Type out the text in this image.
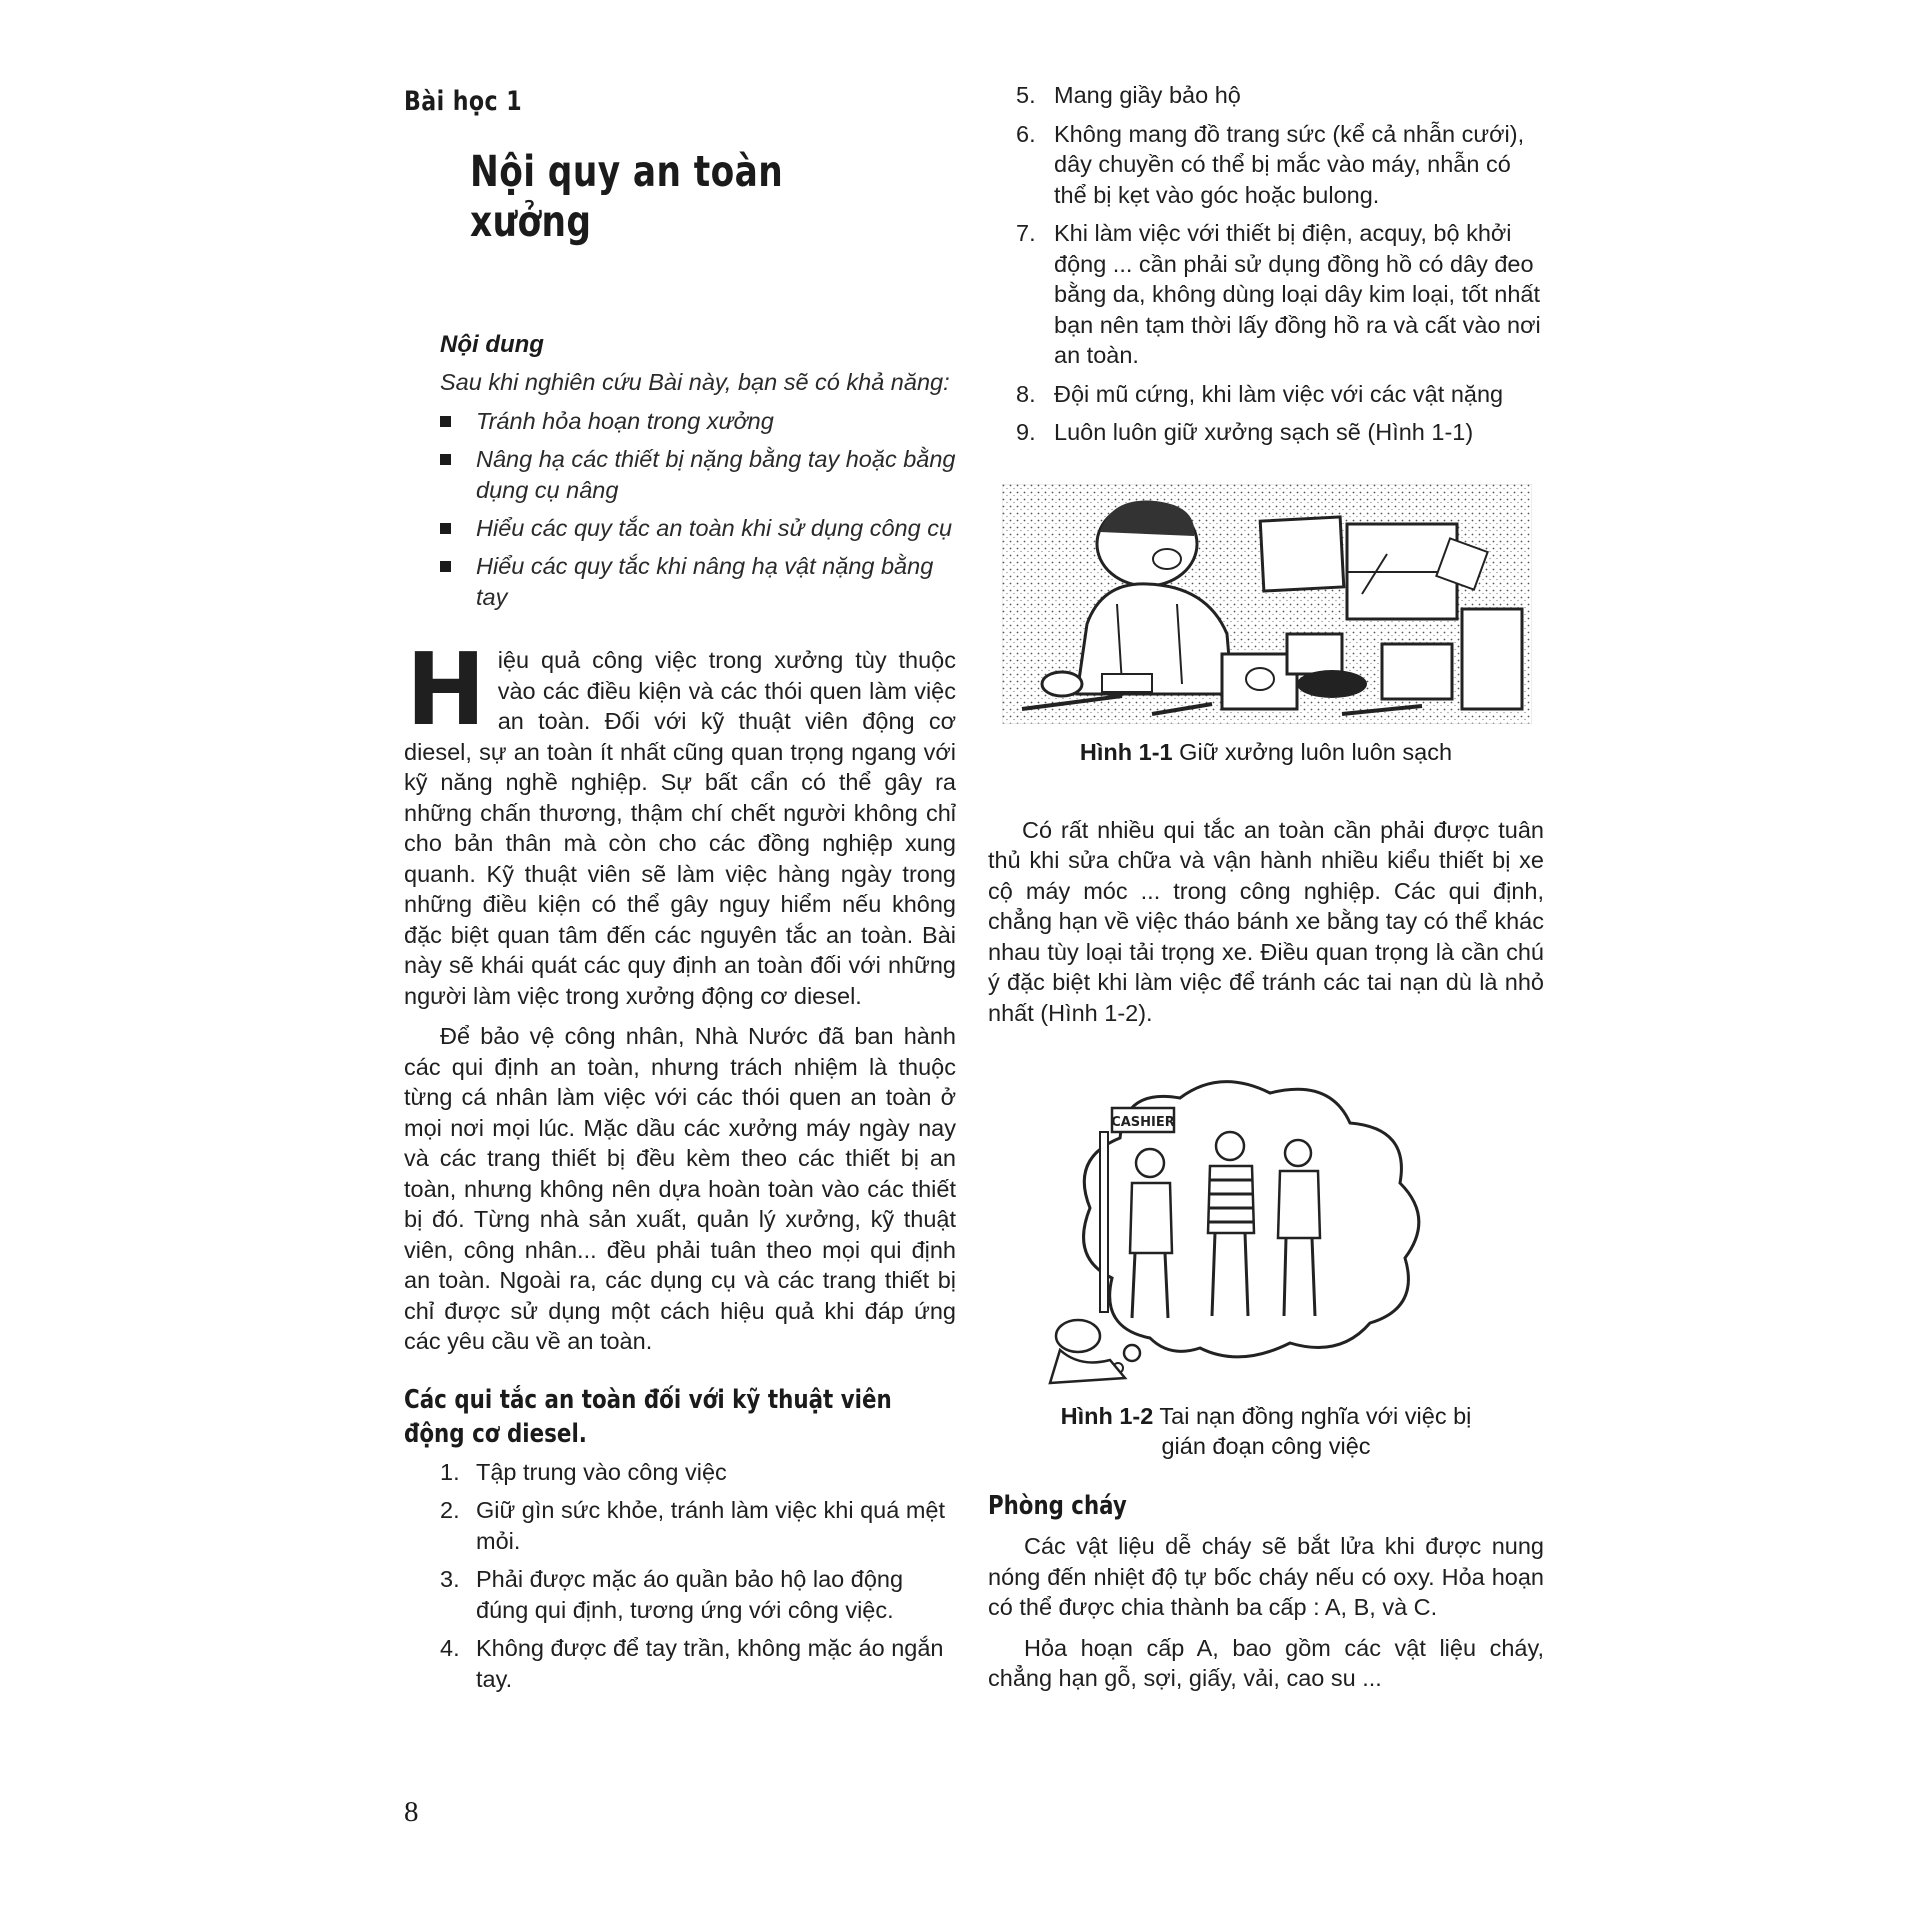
Bài học 1
Nội quy an toàn xưởng
Nội dung
Sau khi nghiên cứu Bài này, bạn sẽ có khả năng:
Tránh hỏa hoạn trong xưởng
Nâng hạ các thiết bị nặng bằng tay hoặc bằng dụng cụ nâng
Hiểu các quy tắc an toàn khi sử dụng công cụ
Hiểu các quy tắc khi nâng hạ vật nặng bằng tay

Hiệu quả công việc trong xưởng tùy thuộc vào các điều kiện và các thói quen làm việc an toàn. Đối với kỹ thuật viên động cơ diesel, sự an toàn ít nhất cũng quan trọng ngang với kỹ năng nghề nghiệp. Sự bất cẩn có thể gây ra những chấn thương, thậm chí chết người không chỉ cho bản thân mà còn cho các đồng nghiệp xung quanh. Kỹ thuật viên sẽ làm việc hàng ngày trong những điều kiện có thể gây nguy hiểm nếu không đặc biệt quan tâm đến các nguyên tắc an toàn. Bài này sẽ khái quát các quy định an toàn đối với những người làm việc trong xưởng động cơ diesel.

Để bảo vệ công nhân, Nhà Nước đã ban hành các qui định an toàn, nhưng trách nhiệm là thuộc từng cá nhân làm việc với các thói quen an toàn ở mọi nơi mọi lúc. Mặc dầu các xưởng máy ngày nay và các trang thiết bị đều kèm theo các thiết bị an toàn, nhưng không nên dựa hoàn toàn vào các thiết bị đó. Từng nhà sản xuất, quản lý xưởng, kỹ thuật viên, công nhân... đều phải tuân theo mọi qui định an toàn. Ngoài ra, các dụng cụ và các trang thiết bị chỉ được sử dụng một cách hiệu quả khi đáp ứng các yêu cầu về an toàn.

Các qui tắc an toàn đối với kỹ thuật viên động cơ diesel.
1. Tập trung vào công việc
2. Giữ gìn sức khỏe, tránh làm việc khi quá mệt mỏi.
3. Phải được mặc áo quần bảo hộ lao động đúng qui định, tương ứng với công việc.
4. Không được để tay trần, không mặc áo ngắn tay.
5. Mang giầy bảo hộ
6. Không mang đồ trang sức (kể cả nhẫn cưới), dây chuyền có thể bị mắc vào máy, nhẫn có thể bị kẹt vào góc hoặc bulong.
7. Khi làm việc với thiết bị điện, acquy, bộ khởi động ... cần phải sử dụng đồng hồ có dây đeo bằng da, không dùng loại dây kim loại, tốt nhất bạn nên tạm thời lấy đồng hồ ra và cất vào nơi an toàn.
8. Đội mũ cứng, khi làm việc với các vật nặng
9. Luôn luôn giữ xưởng sạch sẽ (Hình 1-1)
Hình 1-1 Giữ xưởng luôn luôn sạch

Có rất nhiều qui tắc an toàn cần phải được tuân thủ khi sửa chữa và vận hành nhiều kiểu thiết bị xe cộ máy móc ... trong công nghiệp. Các qui định, chẳng hạn về việc tháo bánh xe bằng tay có thể khác nhau tùy loại tải trọng xe. Điều quan trọng là cần chú ý đặc biệt khi làm việc để tránh các tai nạn dù là nhỏ nhất (Hình 1-2).

CASHIER
Hình 1-2 Tai nạn đồng nghĩa với việc bị
gián đoạn công việc
Phòng cháy

Các vật liệu dễ cháy sẽ bắt lửa khi được nung nóng đến nhiệt độ tự bốc cháy nếu có oxy. Hỏa hoạn có thể được chia thành ba cấp : A, B, và C.

Hỏa hoạn cấp A, bao gồm các vật liệu cháy, chẳng hạn gỗ, sợi, giấy, vải, cao su ...

8
